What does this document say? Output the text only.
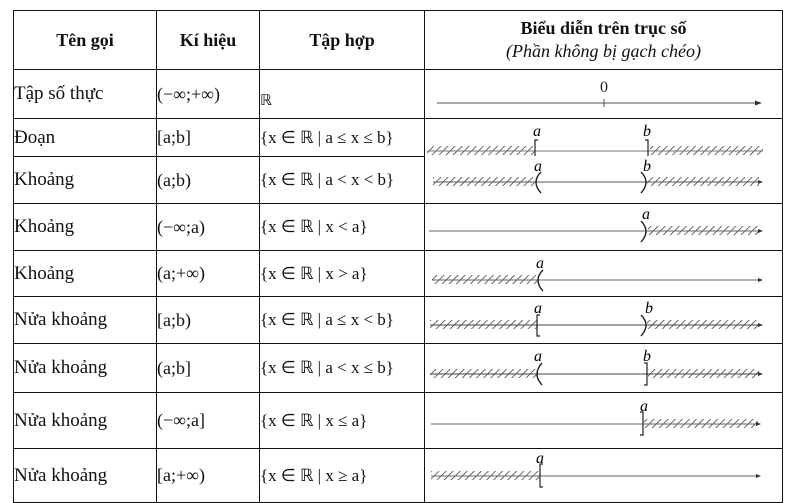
Tên gọi	Kí hiệu	Tập hợp	Biểu diễn trên trục số
(Phần không bị gạch chéo)

Tập số thực	(−∞;+∞)	ℝ	0

Đoạn	[a;b]	{x ∈ ℝ | a ≤ x ≤ b}	a b

Khoảng	(a;b)	{x ∈ ℝ | a < x < b}	a b

Khoảng	(−∞;a)	{x ∈ ℝ | x < a}	a

Khoảng	(a;+∞)	{x ∈ ℝ | x > a}	a

Nửa khoảng	[a;b)	{x ∈ ℝ | a ≤ x < b}	a b

Nửa khoảng	(a;b]	{x ∈ ℝ | a < x ≤ b}	a b

Nửa khoảng	(−∞;a]	{x ∈ ℝ | x ≤ a}	a

Nửa khoảng	[a;+∞)	{x ∈ ℝ | x ≥ a}	a
